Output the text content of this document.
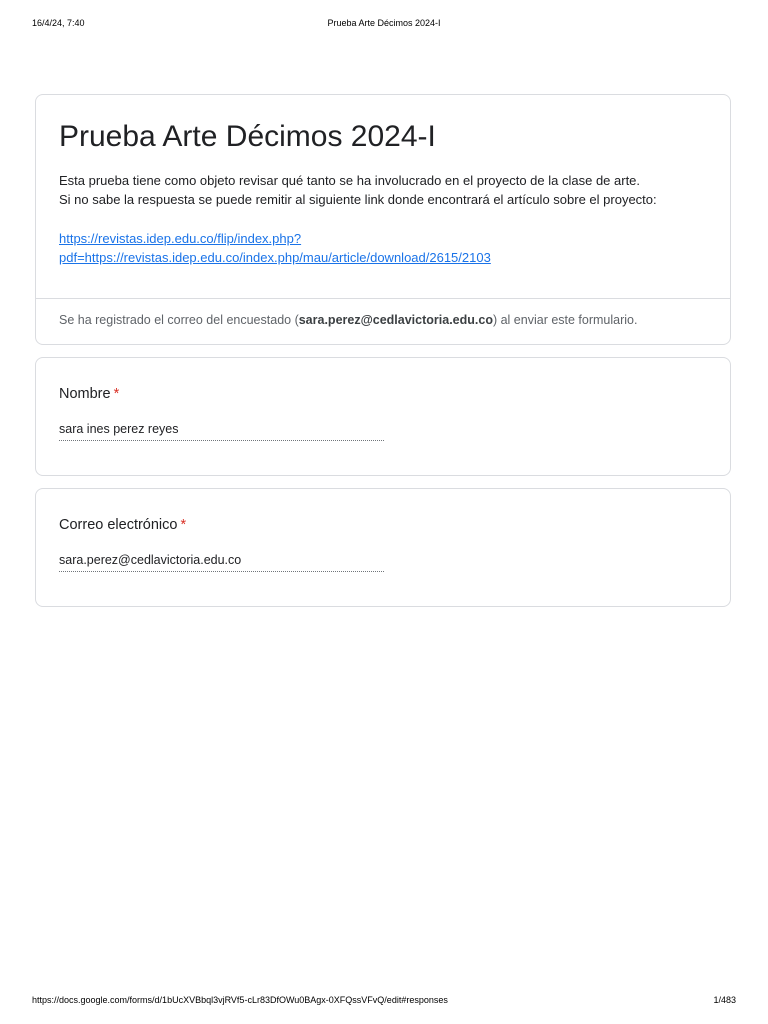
16/4/24, 7:40	Prueba Arte Décimos 2024-I
Prueba Arte Décimos 2024-I

Esta prueba tiene como objeto revisar qué tanto se ha involucrado en el proyecto de la clase de arte.

Si no sabe la respuesta se puede remitir al siguiente link donde encontrará el artículo sobre el proyecto:

https://revistas.idep.edu.co/flip/index.php?
pdf=https://revistas.idep.edu.co/index.php/mau/article/download/2615/2103
Se ha registrado el correo del encuestado (sara.perez@cedlavictoria.edu.co) al enviar este formulario.
Nombre *
sara ines perez reyes
Correo electrónico *
sara.perez@cedlavictoria.edu.co
https://docs.google.com/forms/d/1bUcXVBbql3vjRVf5-cLr83DfOWu0BAgx-0XFQssVFvQ/edit#responses	1/483
